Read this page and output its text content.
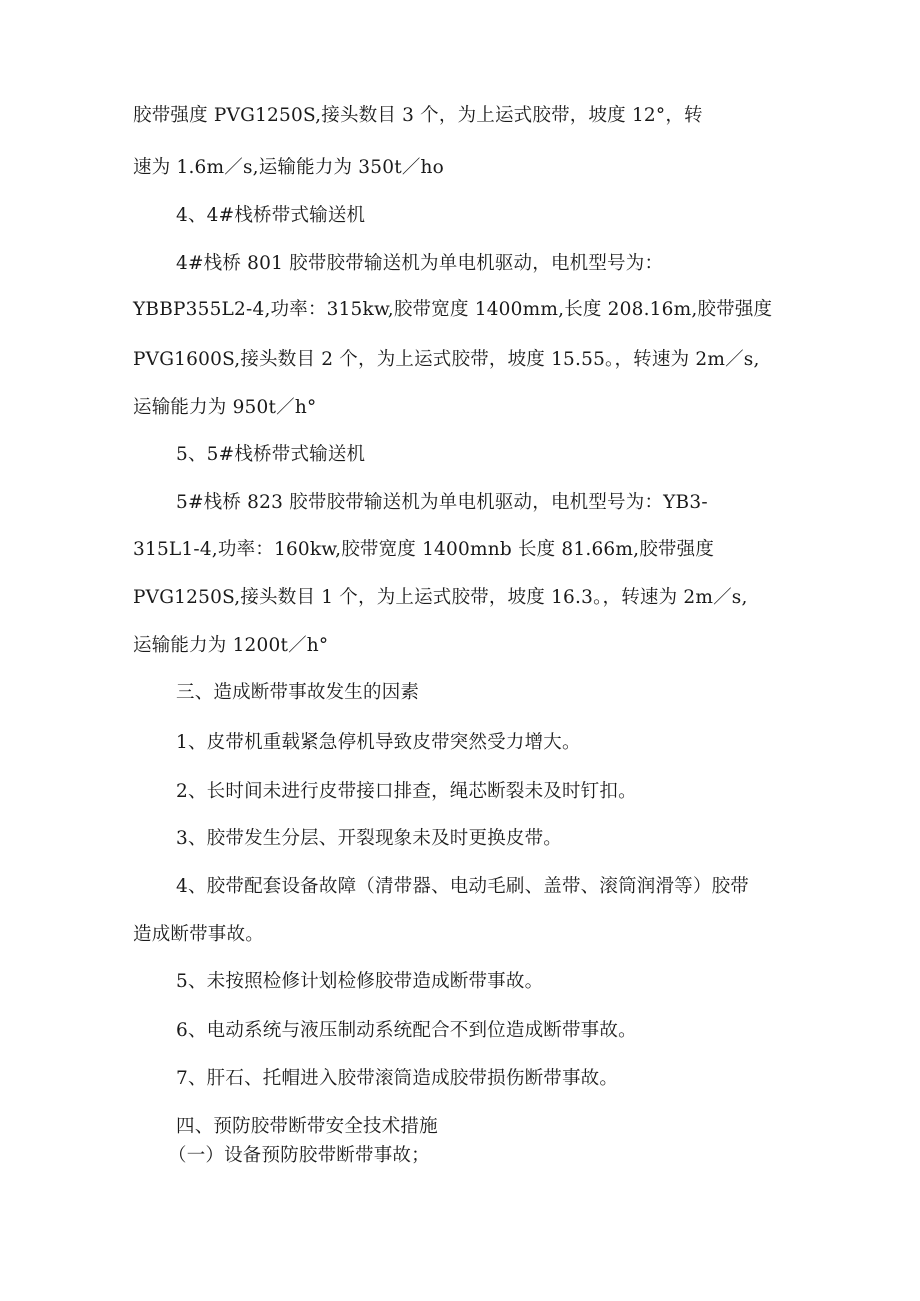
胶带强度 PVG1250S,接头数目 3 个，为上运式胶带，坡度 12°，转
速为 1.6m／s,运输能力为 350t／ho
4、4#栈桥带式输送机
4#栈桥 801 胶带胶带输送机为单电机驱动，电机型号为：
YBBP355L2-4,功率：315kw,胶带宽度 1400mm,长度 208.16m,胶带强度
PVG1600S,接头数目 2 个，为上运式胶带，坡度 15.55。，转速为 2m／s,
运输能力为 950t／h°
5、5#栈桥带式输送机
5#栈桥 823 胶带胶带输送机为单电机驱动，电机型号为：YB3-
315L1-4,功率：160kw,胶带宽度 1400mnb 长度 81.66m,胶带强度
PVG1250S,接头数目 1 个，为上运式胶带，坡度 16.3。，转速为 2m／s,
运输能力为 1200t／h°
三、造成断带事故发生的因素
1、皮带机重载紧急停机导致皮带突然受力增大。
2、长时间未进行皮带接口排查，绳芯断裂未及时钉扣。
3、胶带发生分层、开裂现象未及时更换皮带。
4、胶带配套设备故障（清带器、电动毛刷、盖带、滚筒润滑等）胶带
造成断带事故。
5、未按照检修计划检修胶带造成断带事故。
6、电动系统与液压制动系统配合不到位造成断带事故。
7、肝石、托帽进入胶带滚筒造成胶带损伤断带事故。
四、预防胶带断带安全技术措施
（一）设备预防胶带断带事故；
